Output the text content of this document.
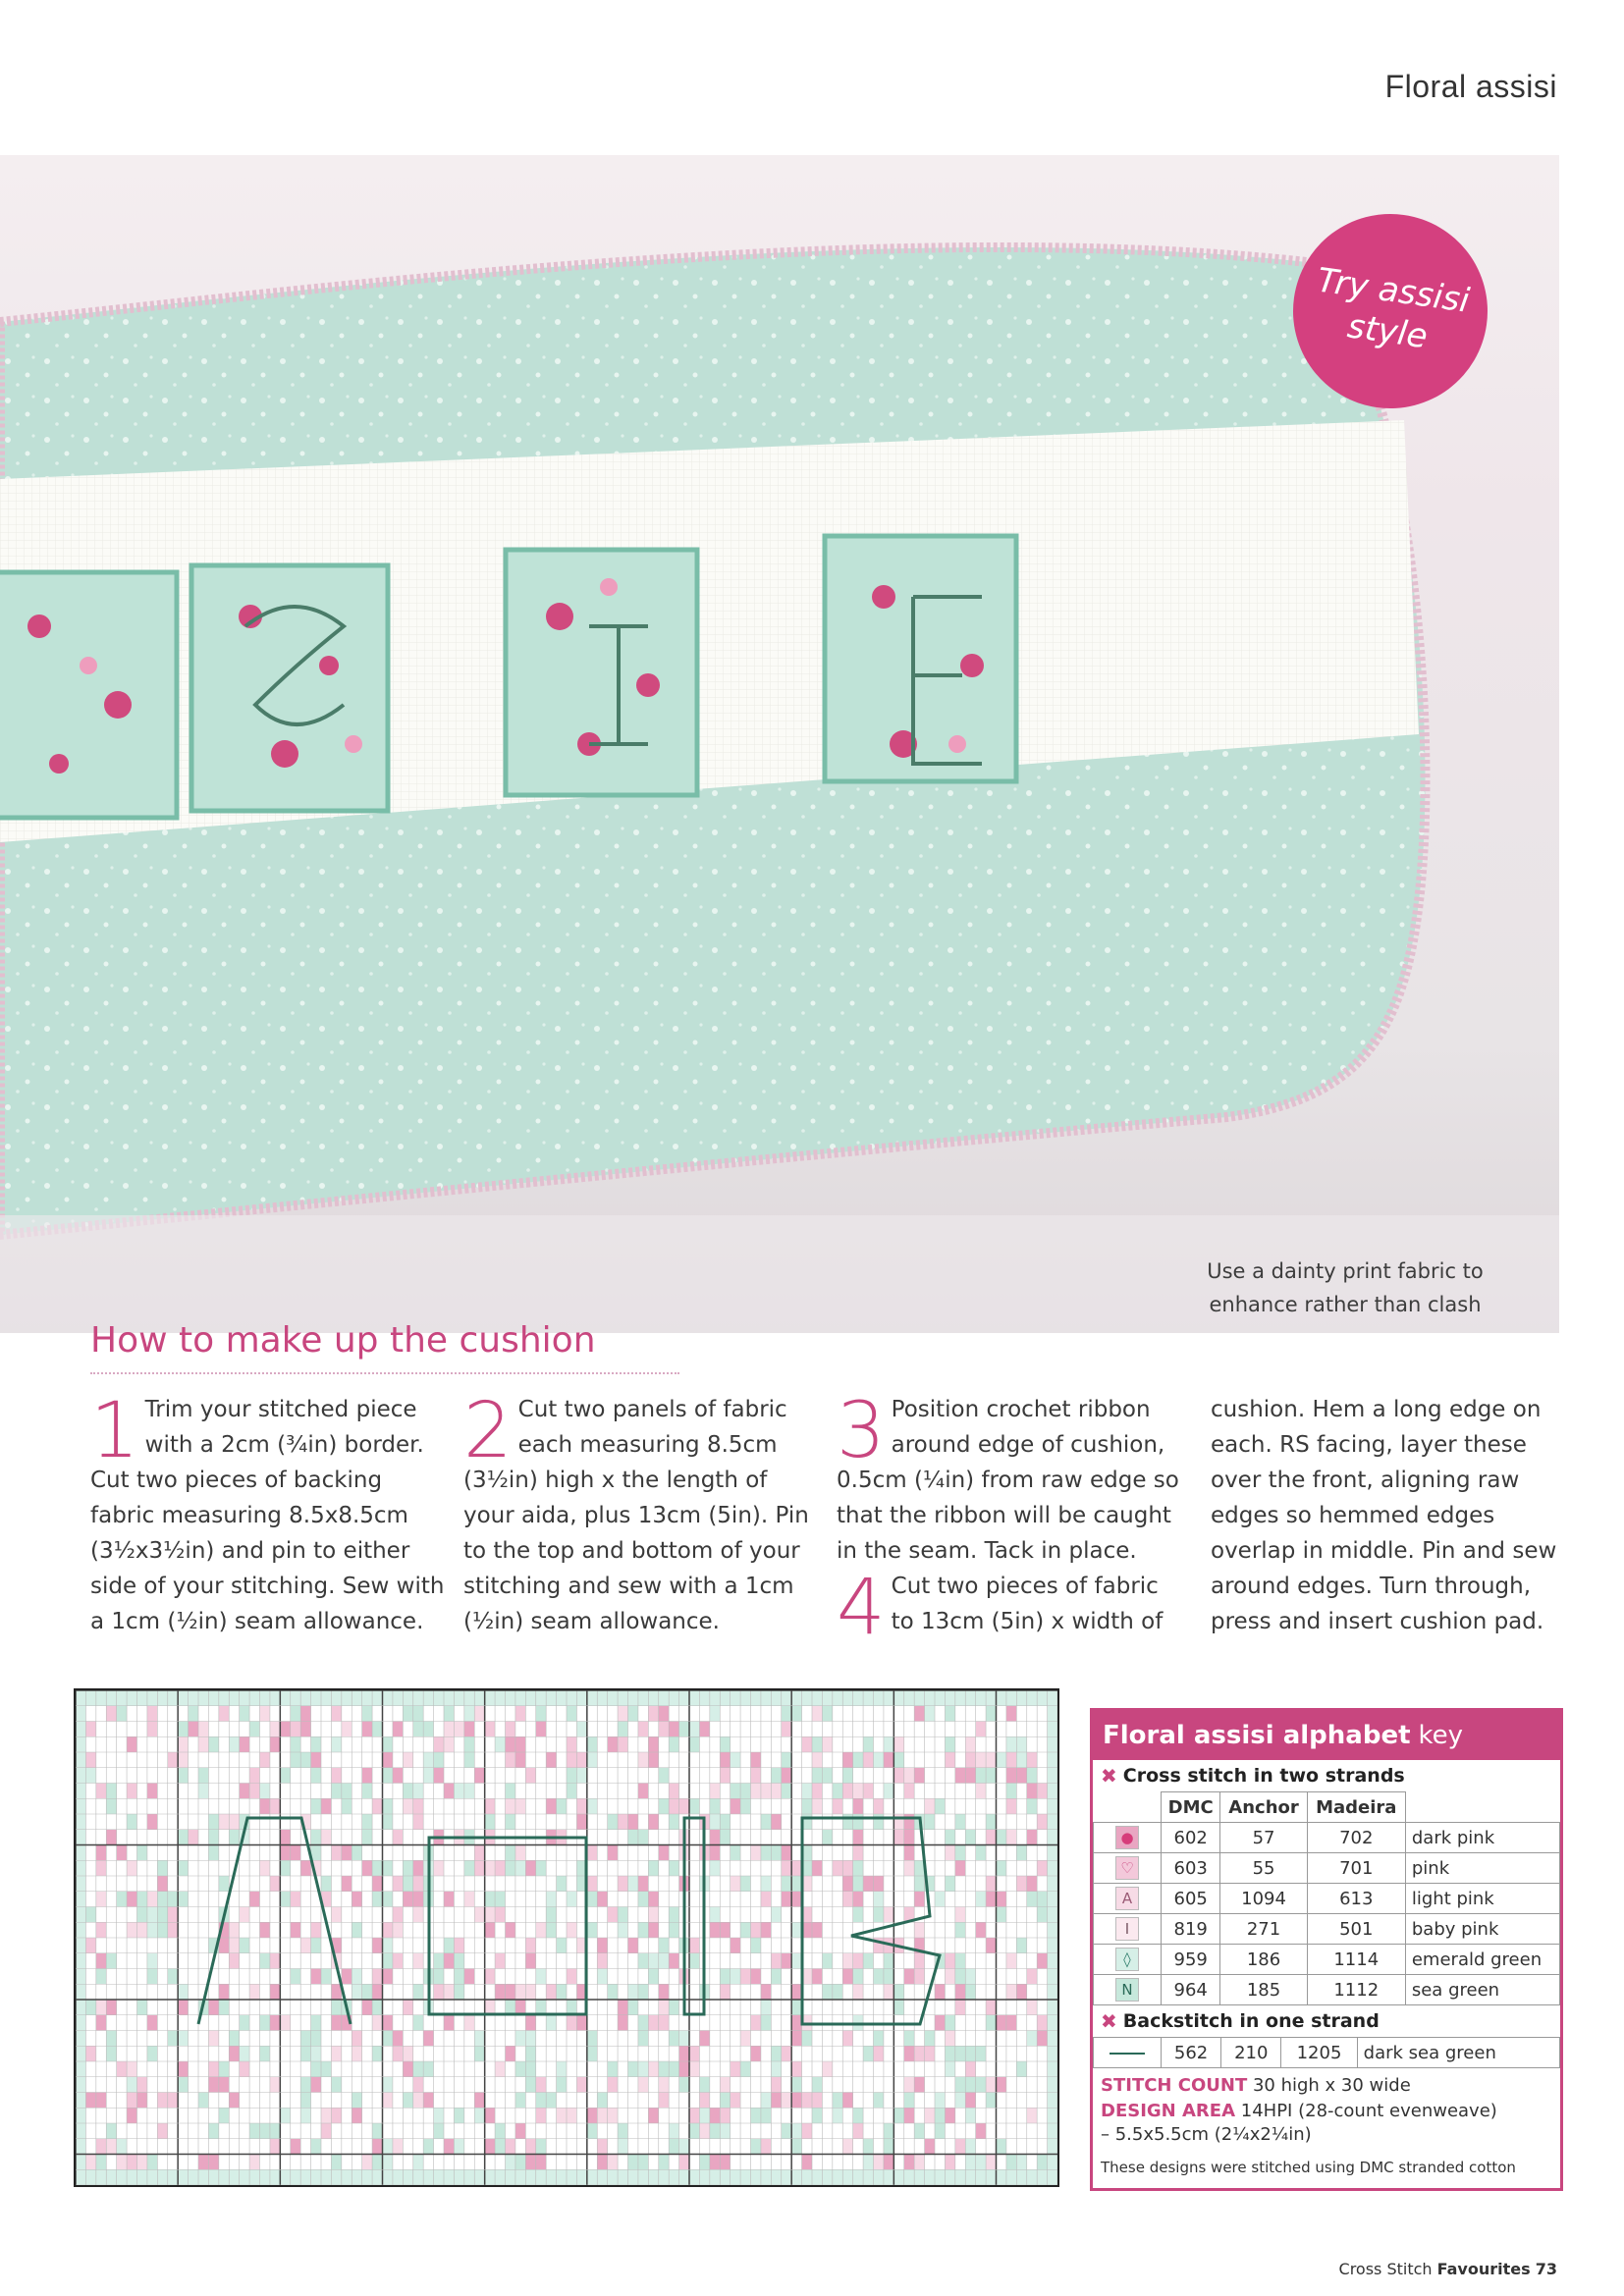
Floral assisi
Try assisi
style
Use a dainty print fabric to
enhance rather than clash
How to make up the cushion
1 Trim your stitched piece
with a 2cm (¾in) border.

Cut two pieces of backing fabric measuring 8.5x8.5cm (3½x3½in) and pin to either side of your stitching. Sew with a 1cm (½in) seam allowance.

2 Cut two panels of fabric
each measuring 8.5cm

(3½in) high x the length of your aida, plus 13cm (5in). Pin to the top and bottom of your stitching and sew with a 1cm (½in) seam allowance.

3 Position crochet ribbon
around edge of cushion,

0.5cm (¼in) from raw edge so that the ribbon will be caught in the seam. Tack in place.

4 Cut two pieces of fabric
to 13cm (5in) x width of

cushion. Hem a long edge on each. RS facing, layer these over the front, aligning raw edges so hemmed edges overlap in middle. Pin and sew around edges. Turn through, press and insert cushion pad.

Floral assisi alphabet key
✖ Cross stitch in two strands
	DMC	Anchor	Madeira	
●	602	57	702	dark pink
♡	603	55	701	pink
A	605	1094	613	light pink
I	819	271	501	baby pink
◊	959	186	1114	emerald green
N	964	185	1112	sea green
✖ Backstitch in one strand
	562	210	1205	dark sea green
STITCH COUNT 30 high x 30 wide
DESIGN AREA 14HPI (28-count evenweave)
– 5.5x5.5cm (2¼x2¼in)
These designs were stitched using DMC stranded cotton
Cross Stitch Favourites 73
